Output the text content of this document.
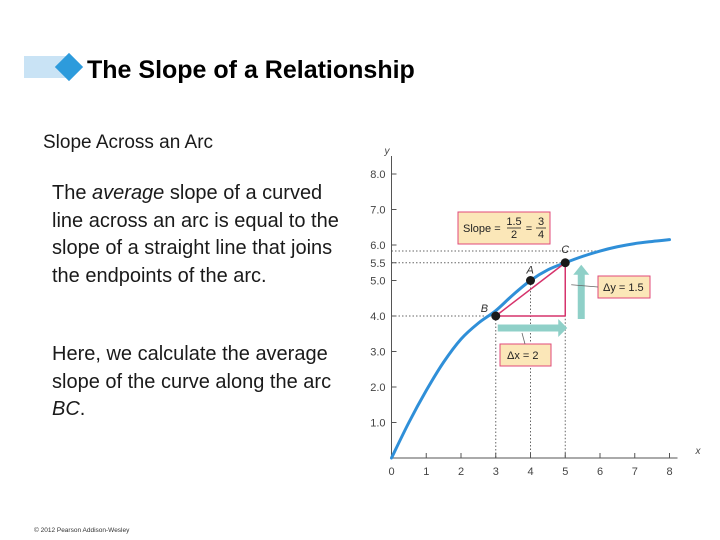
The Slope of a Relationship

Slope Across an Arc

The average slope of a curved line across an arc is equal to the slope of a straight line that joins the endpoints of the arc.

Here, we calculate the average slope of the curve along the arc BC.

© 2012 Pearson Addison-Wesley

y
x
0	1	2	3	4	5	6	7	8
1.0
2.0
3.0
4.0
5.0
5.5
6.0
7.0
8.0
A
B
C
Slope =
1.5
2 =
3
4
Δy = 1.5
Δx = 2
